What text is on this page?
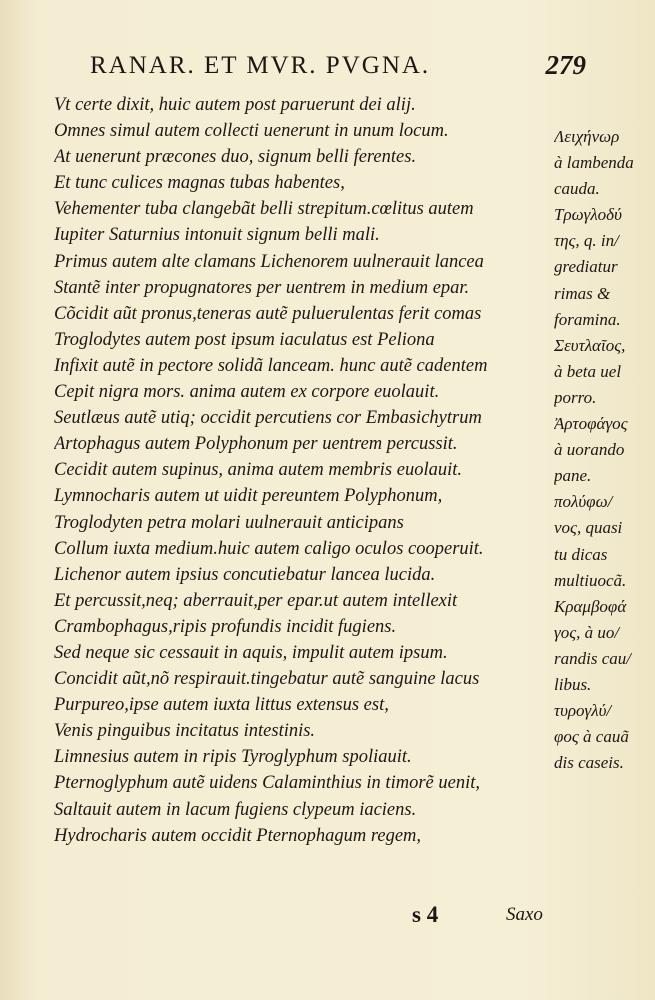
RANAR. ET MVR. PVGNA.	279
Vt certe dixit, huic autem post paruerunt dei alij.
Omnes simul autem collecti uenerunt in unum locum.
At uenerunt præcones duo, signum belli ferentes.
Et tunc culices magnas tubas habentes,
Vehementer tuba clangebãt belli strepitum.cœlitus autem
Iupiter Saturnius intonuit signum belli mali.
Primus autem alte clamans Lichenorem uulnerauit lancea
Stantẽ inter propugnatores per uentrem in medium epar.
Cõcidit aũt pronus,teneras autẽ puluerulentas ferit comas
Troglodytes autem post ipsum iaculatus est Peliona
Infixit autẽ in pectore solidã lanceam. hunc autẽ cadentem
Cepit nigra mors. anima autem ex corpore euolauit.
Seutlæus autẽ utiq; occidit percutiens cor Embasichytrum
Artophagus autem Polyphonum per uentrem percussit.
Cecidit autem supinus, anima autem membris euolauit.
Lymnocharis autem ut uidit pereuntem Polyphonum,
Troglodyten petra molari uulnerauit anticipans
Collum iuxta medium.huic autem caligo oculos cooperuit.
Lichenor autem ipsius concutiebatur lancea lucida.
Et percussit,neq; aberrauit,per epar.ut autem intellexit
Crambophagus,ripis profundis incidit fugiens.
Sed neque sic cessauit in aquis, impulit autem ipsum.
Concidit aũt,nõ respirauit.tingebatur autẽ sanguine lacus
Purpureo,ipse autem iuxta littus extensus est,
Venis pinguibus incitatus intestinis.
Limnesius autem in ripis Tyroglyphum spoliauit.
Pternoglyphum autẽ uidens Calaminthius in timorẽ uenit,
Saltauit autem in lacum fugiens clypeum iaciens.
Hydrocharis autem occidit Pternophagum regem,
Λειχήνωρ
à lambenda
cauda.
Τρωγλοδύ
της, q. in/
grediatur
rimas &
foramina.
Σευτλαῖος,
à beta uel
porro.
Ἀρτοφάγος
à uorando
pane.
πολύφω/
νος, quasi
tu dicas
multiuocã.
Κραμβοφά
γος, à uo/
randis cau/
libus.
τυρογλύ/
φος à cauã
dis caseis.
s 4	Saxo
